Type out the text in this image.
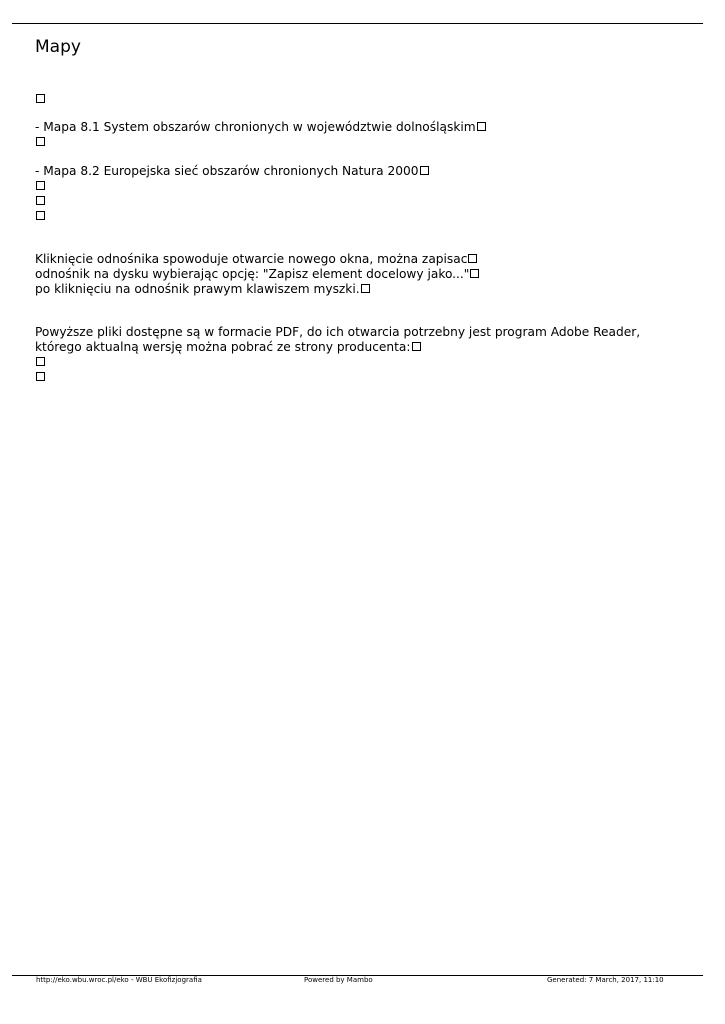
Mapy
- Mapa 8.1 System obszarów chronionych w województwie dolnośląskim
- Mapa 8.2 Europejska sieć obszarów chronionych Natura 2000
Kliknięcie odnośnika spowoduje otwarcie nowego okna, można zapisac
odnośnik na dysku wybierając opcję: "Zapisz element docelowy jako..."
po kliknięciu na odnośnik prawym klawiszem myszki.
Powyższe pliki dostępne są w formacie PDF, do ich otwarcia potrzebny jest program Adobe Reader,
którego aktualną wersję można pobrać ze strony producenta:
http://eko.wbu.wroc.pl/eko - WBU Ekofizjografia	Powered by Mambo	Generated: 7 March, 2017, 11:10
